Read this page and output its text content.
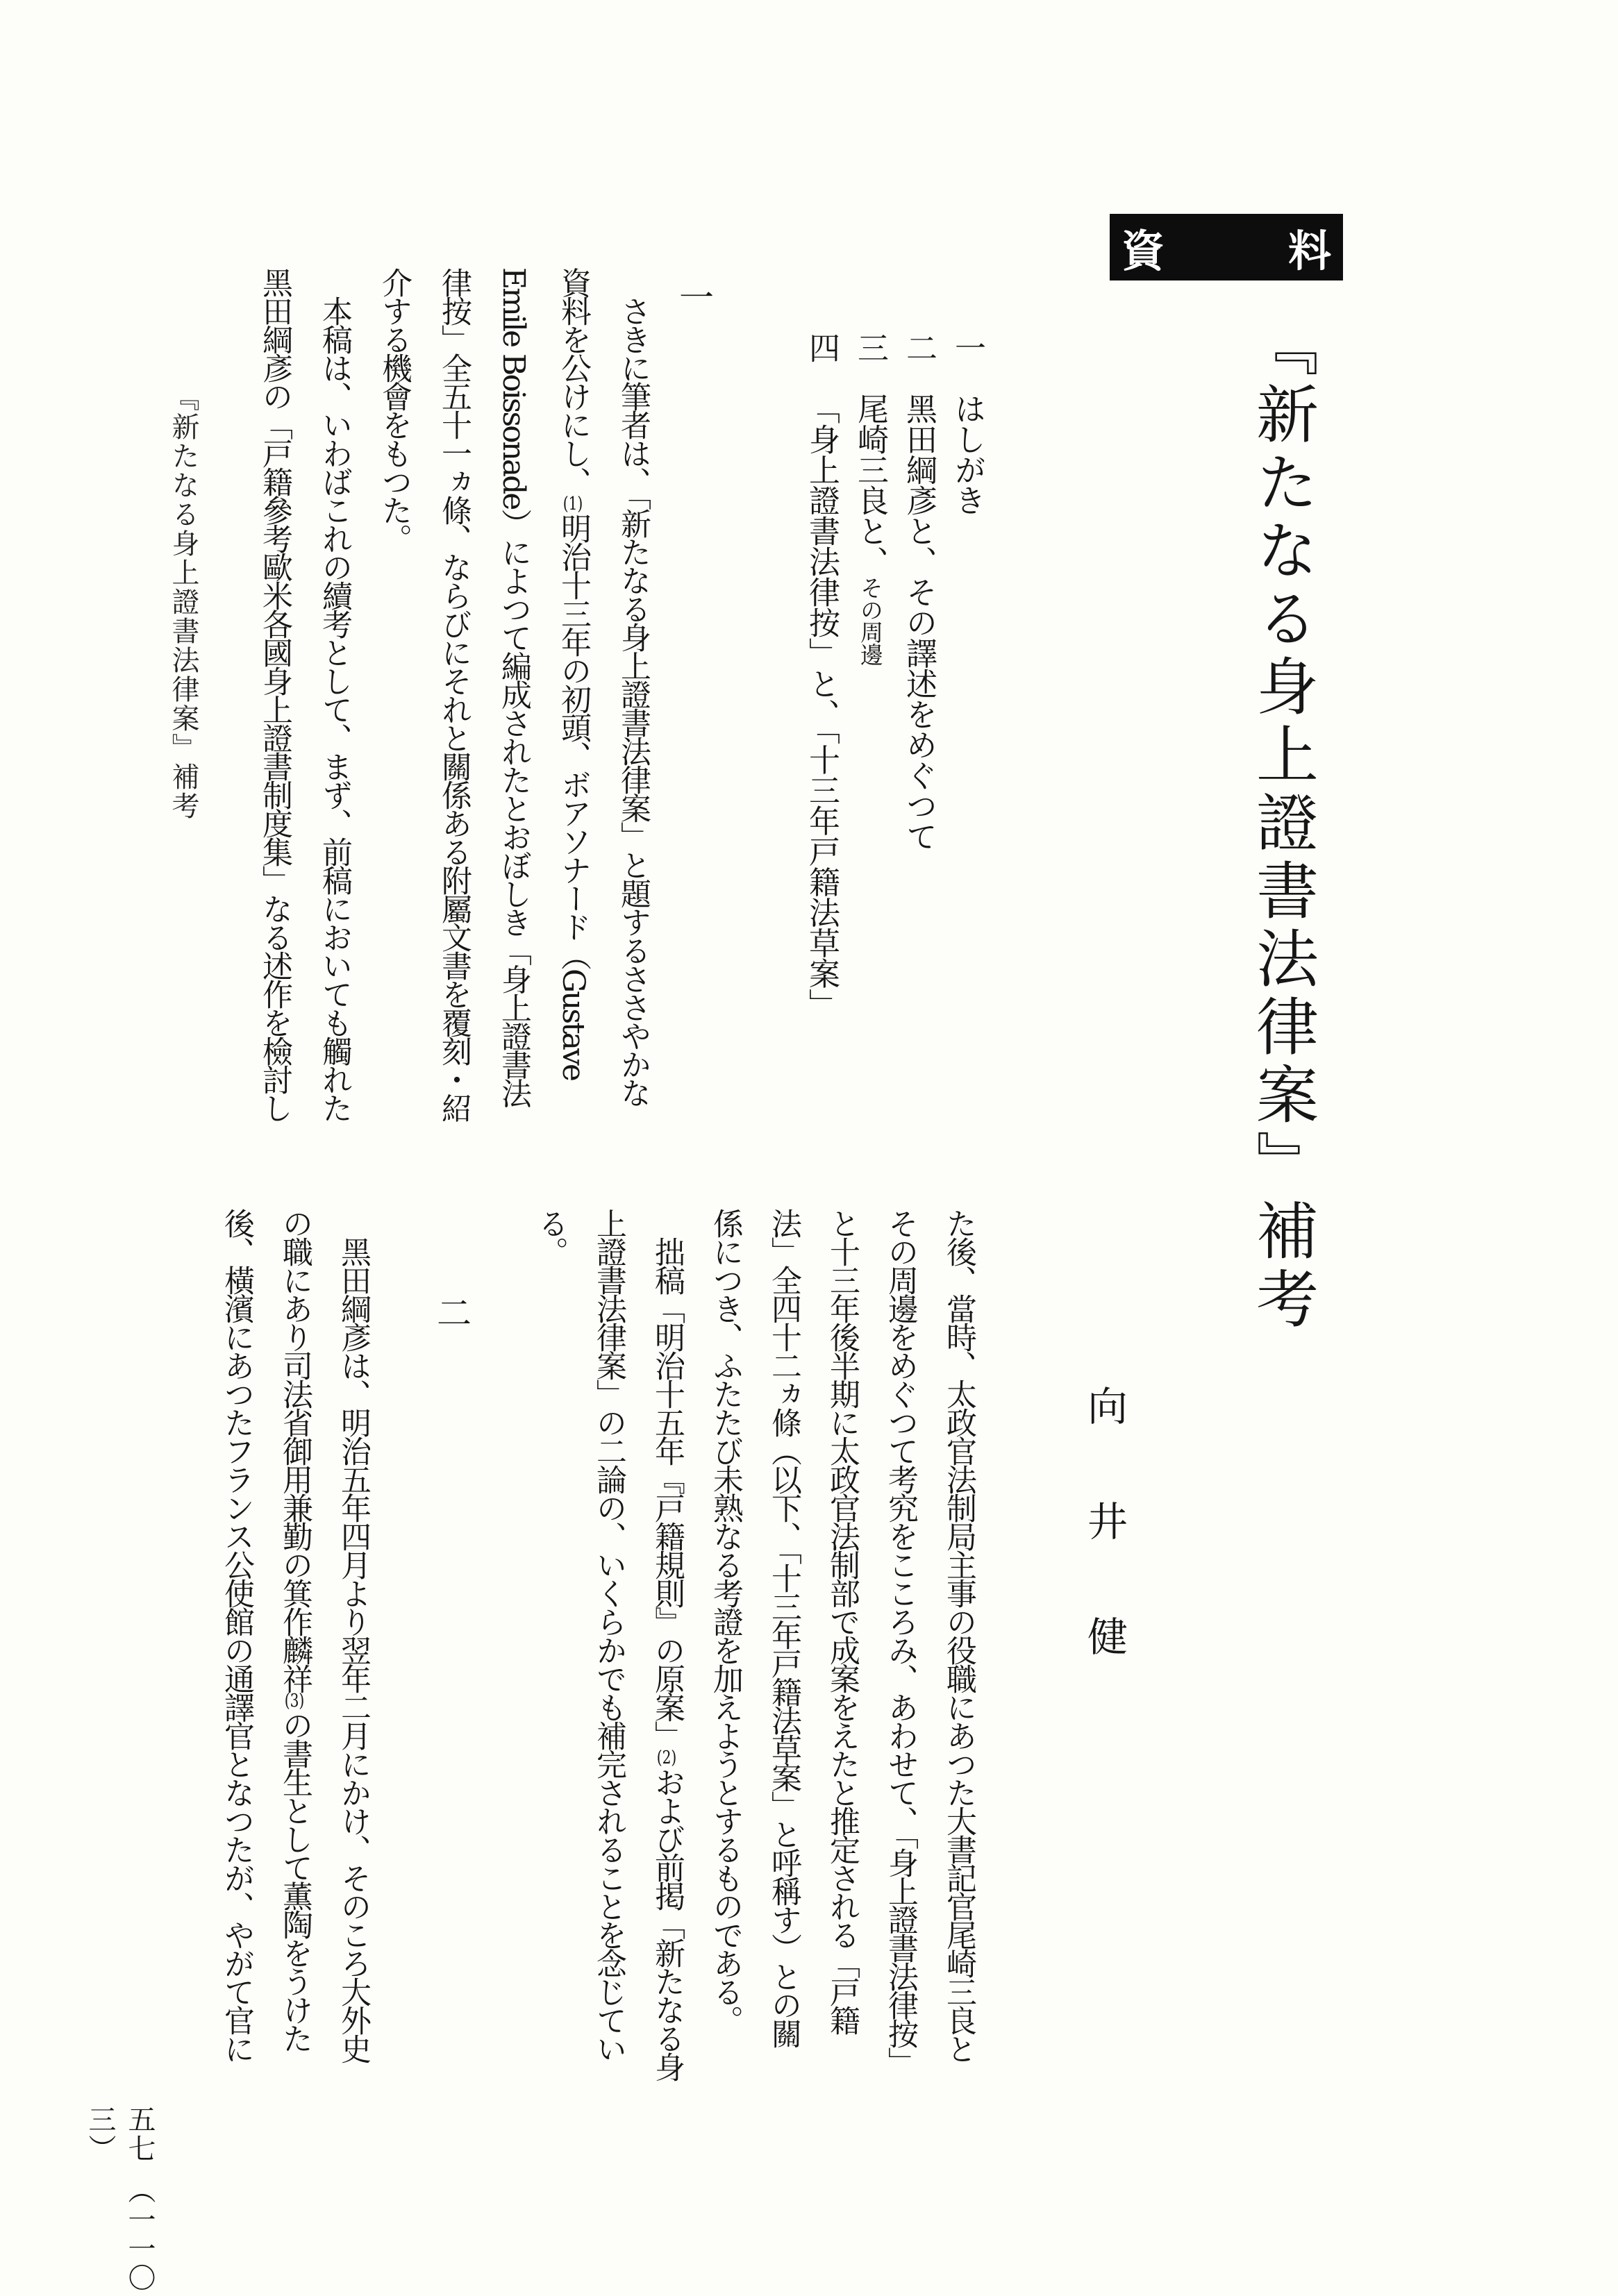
資　料
『新たなる身上證書法律案』補考
向　井　健
一はしがき
二黑田綱彥と、その譯述をめぐつて
三尾崎三良と、その周邊
四「身上證書法律按」と、「十三年戸籍法草案」
一
　さきに筆者は、「新たなる身上證書法律案」と題するささやかな
資料を公けにし、(1)明治十三年の初頭、ボアソナード（Gustave
Emile Boissonade）によつて編成されたとおぼしき「身上證書法
律按」全五十一ヵ條、ならびにそれと關係ある附屬文書を覆刻・紹
介する機會をもつた。
　本稿は、いわばこれの續考として、まず、前稿においても觸れた
黑田綱彥の「戸籍參考歐米各國身上證書制度集」なる述作を檢討し
た後、當時、太政官法制局主事の役職にあつた大書記官尾崎三良と
その周邊をめぐつて考究をこころみ、あわせて、「身上證書法律按」
と十三年後半期に太政官法制部で成案をえたと推定される「戸籍
法」全四十二ヵ條（以下、「十三年戸籍法草案」と呼稱す）との關
係につき、ふたたび未熟なる考證を加えようとするものである。
　拙稿「明治十五年『戸籍規則』の原案」(2)および前掲「新たなる身
上證書法律案」の二論の、いくらかでも補完されることを念じてい
る。
二
　黑田綱彥は、明治五年四月より翌年二月にかけ、そのころ大外史
の職にあり司法省御用兼勤の箕作麟祥(3)の書生として薫陶をうけた
後、橫濱にあつたフランス公使館の通譯官となつたが、やがて官に
『新たなる身上證書法律案』補考
五七（一一〇三）
